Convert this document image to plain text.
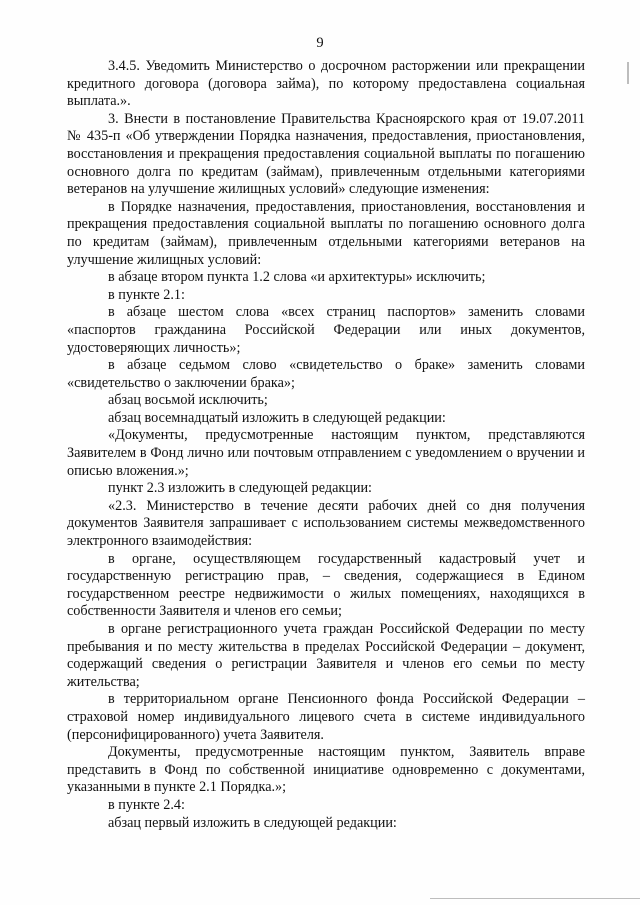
9

3.4.5. Уведомить Министерство о досрочном расторжении или прекращении кредитного договора (договора займа), по которому предоставлена социальная выплата.».

3. Внести в постановление Правительства Красноярского края от 19.07.2011 № 435-п «Об утверждении Порядка назначения, предоставления, приостановления, восстановления и прекращения предоставления социальной выплаты по погашению основного долга по кредитам (займам), привлеченным отдельными категориями ветеранов на улучшение жилищных условий» следующие изменения:

в Порядке назначения, предоставления, приостановления, восстановления и прекращения предоставления социальной выплаты по погашению основного долга по кредитам (займам), привлеченным отдельными категориями ветеранов на улучшение жилищных условий:

в абзаце втором пункта 1.2 слова «и архитектуры» исключить;

в пункте 2.1:

в абзаце шестом слова «всех страниц паспортов» заменить словами «паспортов гражданина Российской Федерации или иных документов, удостоверяющих личность»;

в абзаце седьмом слово «свидетельство о браке» заменить словами «свидетельство о заключении брака»;

абзац восьмой исключить;

абзац восемнадцатый изложить в следующей редакции:

«Документы, предусмотренные настоящим пунктом, представляются Заявителем в Фонд лично или почтовым отправлением с уведомлением о вручении и описью вложения.»;

пункт 2.3 изложить в следующей редакции:

«2.3. Министерство в течение десяти рабочих дней со дня получения документов Заявителя запрашивает с использованием системы межведомственного электронного взаимодействия:

в органе, осуществляющем государственный кадастровый учет и государственную регистрацию прав, – сведения, содержащиеся в Едином государственном реестре недвижимости о жилых помещениях, находящихся в собственности Заявителя и членов его семьи;

в органе регистрационного учета граждан Российской Федерации по месту пребывания и по месту жительства в пределах Российской Федерации – документ, содержащий сведения о регистрации Заявителя и членов его семьи по месту жительства;

в территориальном органе Пенсионного фонда Российской Федерации – страховой номер индивидуального лицевого счета в системе индивидуального (персонифицированного) учета Заявителя.

Документы, предусмотренные настоящим пунктом, Заявитель вправе представить в Фонд по собственной инициативе одновременно с документами, указанными в пункте 2.1 Порядка.»;

в пункте 2.4:

абзац первый изложить в следующей редакции:
